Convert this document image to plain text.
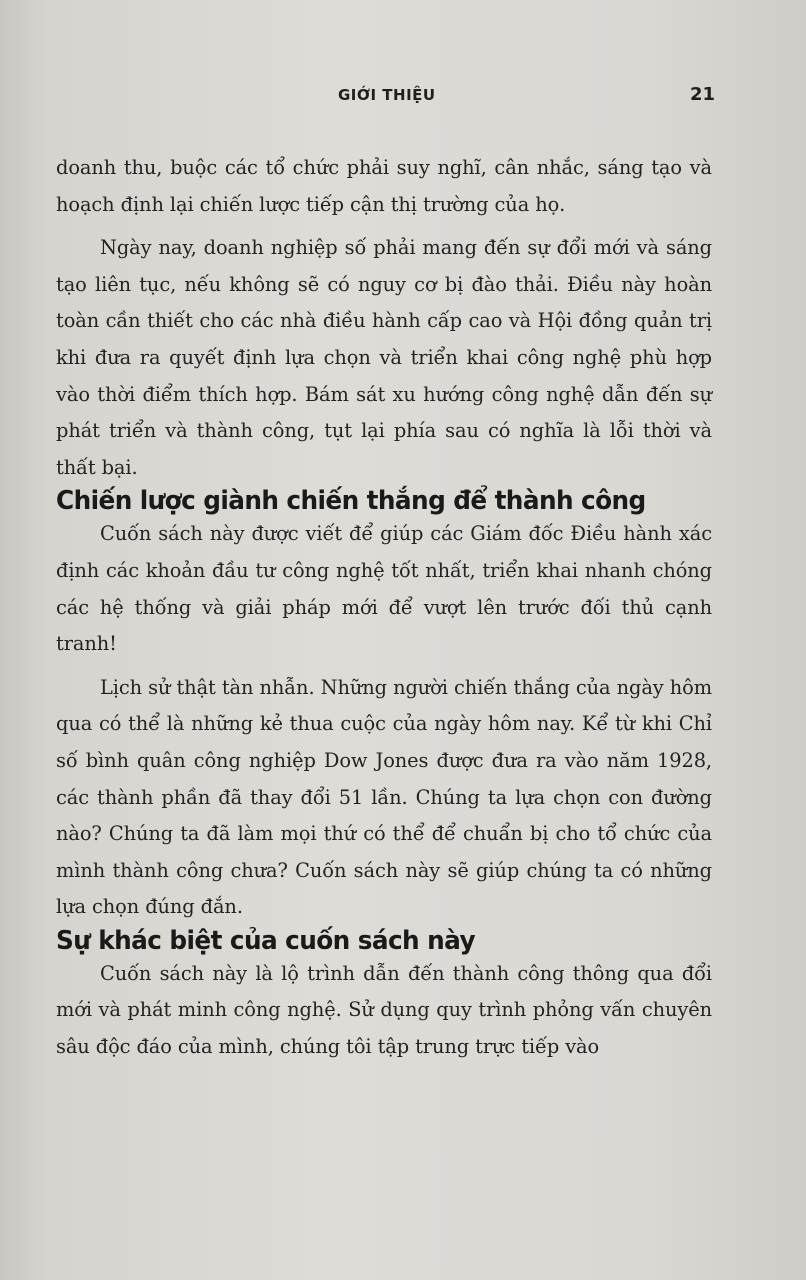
GIỚI THIỆU	21

doanh thu, buộc các tổ chức phải suy nghĩ, cân nhắc, sáng tạo và hoạch định lại chiến lược tiếp cận thị trường của họ.

Ngày nay, doanh nghiệp số phải mang đến sự đổi mới và sáng tạo liên tục, nếu không sẽ có nguy cơ bị đào thải. Điều này hoàn toàn cần thiết cho các nhà điều hành cấp cao và Hội đồng quản trị khi đưa ra quyết định lựa chọn và triển khai công nghệ phù hợp vào thời điểm thích hợp. Bám sát xu hướng công nghệ dẫn đến sự phát triển và thành công, tụt lại phía sau có nghĩa là lỗi thời và thất bại.

Chiến lược giành chiến thắng để thành công

Cuốn sách này được viết để giúp các Giám đốc Điều hành xác định các khoản đầu tư công nghệ tốt nhất, triển khai nhanh chóng các hệ thống và giải pháp mới để vượt lên trước đối thủ cạnh tranh!

Lịch sử thật tàn nhẫn. Những người chiến thắng của ngày hôm qua có thể là những kẻ thua cuộc của ngày hôm nay. Kể từ khi Chỉ số bình quân công nghiệp Dow Jones được đưa ra vào năm 1928, các thành phần đã thay đổi 51 lần. Chúng ta lựa chọn con đường nào? Chúng ta đã làm mọi thứ có thể để chuẩn bị cho tổ chức của mình thành công chưa? Cuốn sách này sẽ giúp chúng ta có những lựa chọn đúng đắn.

Sự khác biệt của cuốn sách này

Cuốn sách này là lộ trình dẫn đến thành công thông qua đổi mới và phát minh công nghệ. Sử dụng quy trình phỏng vấn chuyên sâu độc đáo của mình, chúng tôi tập trung trực tiếp vào
